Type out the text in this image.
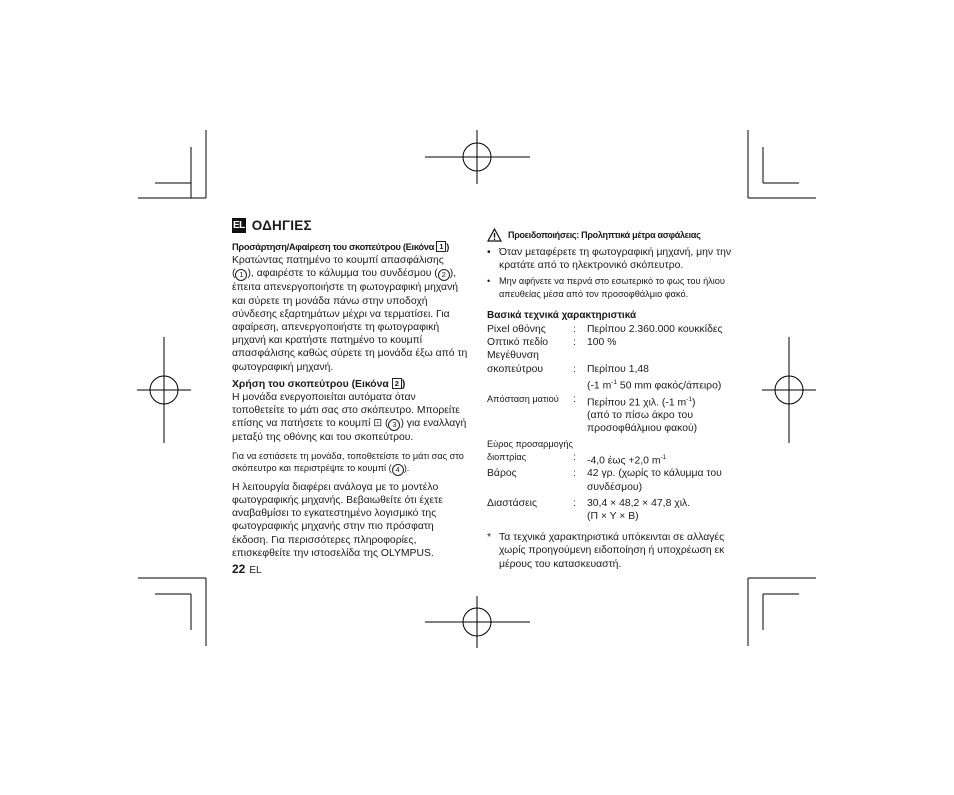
EL ΟΔΗΓΙΕΣ
Προσάρτηση/Αφαίρεση του σκοπεύτρου (Εικόνα 1 )

Κρατώντας πατημένο το κουμπί απασφάλισης
( 1 ), αφαιρέστε το κάλυμμα του συνδέσμου ( 2 ), έπειτα απενεργοποιήστε τη φωτογραφική μηχανή και σύρετε τη μονάδα πάνω στην υποδοχή σύνδεσης εξαρτημάτων μέχρι να τερματίσει. Για αφαίρεση, απενεργοποιήστε τη φωτογραφική μηχανή και κρατήστε πατημένο το κουμπί απασφάλισης καθώς σύρετε τη μονάδα έξω από τη φωτογραφική μηχανή.

Χρήση του σκοπεύτρου (Εικόνα 2 )

Η μονάδα ενεργοποιείται αυτόματα όταν τοποθετείτε το μάτι σας στο σκόπευτρο. Μπορείτε επίσης να πατήσετε το κουμπί ⊡ ( 3 ) για εναλλαγή μεταξύ της οθόνης και του σκοπεύτρου.

Για να εστιάσετε τη μονάδα, τοποθετείστε το μάτι σας στο σκόπευτρο και περιστρέψτε το κουμπί ( 4 ).

Η λειτουργία διαφέρει ανάλογα με το μοντέλο φωτογραφικής μηχανής. Βεβαιωθείτε ότι έχετε αναβαθμίσει το εγκατεστημένο λογισμικό της φωτογραφικής μηχανής στην πιο πρόσφατη έκδοση. Για περισσότερες πληροφορίες, επισκεφθείτε την ιστοσελίδα της OLYMPUS.

22 EL
Προειδοποιήσεις: Προληπτικά μέτρα ασφάλειας
• Όταν μεταφέρετε τη φωτογραφική μηχανή, μην την κρατάτε από το ηλεκτρονικό σκόπευτρο.
• Μην αφήνετε να περνά στο εσωτερικό το φως του ήλιου απευθείας μέσα από τον προσοφθάλμιο φακό.
Βασικά τεχνικά χαρακτηριστικά
Pixel οθόνης	:	Περίπου 2.360.000 κουκκίδες
Οπτικό πεδίο	:	100 %
Μεγέθυνση
σκοπεύτρου	:	Περίπου 1,48
(-1 $m^{-1}$ 50 mm φακός/άπειρο)
Απόσταση ματιού	:	Περίπου 21 χιλ. (-1 $m^{-1}$)
(από το πίσω άκρο του προσοφθάλμιου φακού)
Εύρος προσαρμογής
διοπτρίας	:	-4,0 έως +2,0 $m^{-1}$
Βάρος	:	42 γρ. (χωρίς το κάλυμμα του συνδέσμου)
Διαστάσεις	:	30,4 × 48,2 × 47,8 χιλ.
(Π × Υ × Β)
* Τα τεχνικά χαρακτηριστικά υπόκεινται σε αλλαγές χωρίς προηγούμενη ειδοποίηση ή υποχρέωση εκ μέρους του κατασκευαστή.
